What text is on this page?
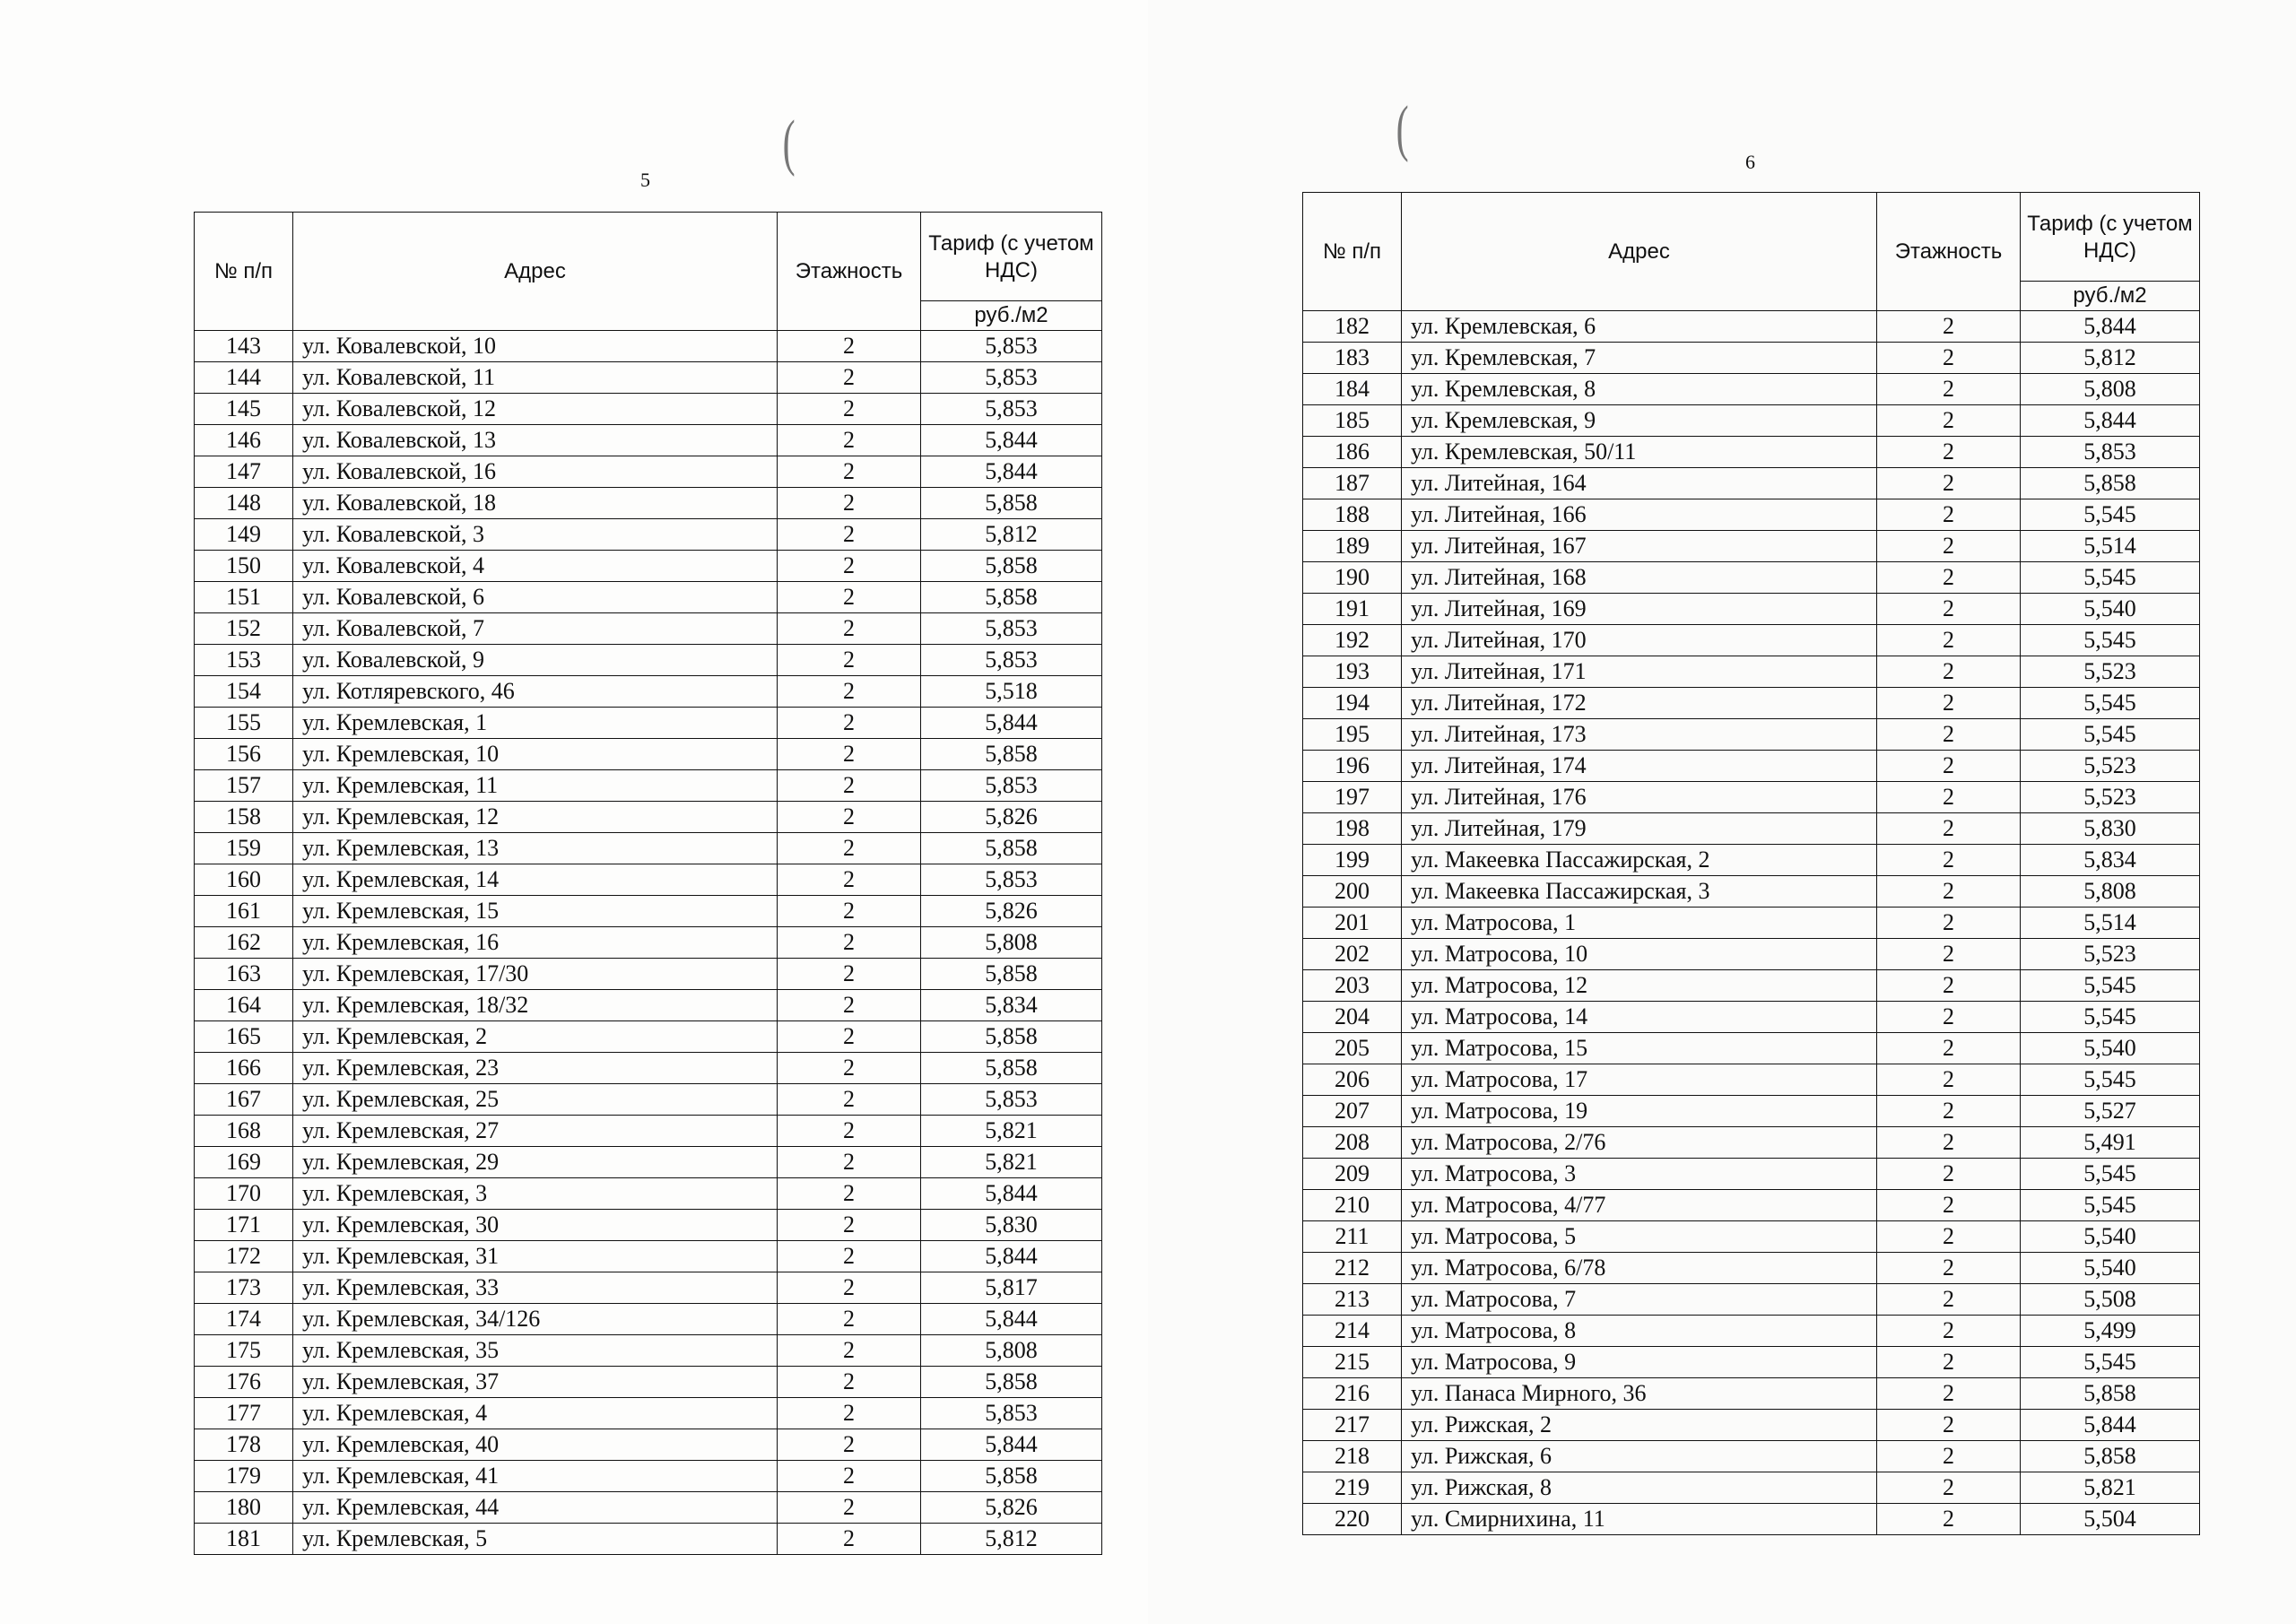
(
5
№ п/п	Адрес	Этажность	Тариф (с учетом НДС)
			руб./м2
143	ул. Ковалевской, 10	2	5,853
144	ул. Ковалевской, 11	2	5,853
145	ул. Ковалевской, 12	2	5,853
146	ул. Ковалевской, 13	2	5,844
147	ул. Ковалевской, 16	2	5,844
148	ул. Ковалевской, 18	2	5,858
149	ул. Ковалевской, 3	2	5,812
150	ул. Ковалевской, 4	2	5,858
151	ул. Ковалевской, 6	2	5,858
152	ул. Ковалевской, 7	2	5,853
153	ул. Ковалевской, 9	2	5,853
154	ул. Котляревского, 46	2	5,518
155	ул. Кремлевская, 1	2	5,844
156	ул. Кремлевская, 10	2	5,858
157	ул. Кремлевская, 11	2	5,853
158	ул. Кремлевская, 12	2	5,826
159	ул. Кремлевская, 13	2	5,858
160	ул. Кремлевская, 14	2	5,853
161	ул. Кремлевская, 15	2	5,826
162	ул. Кремлевская, 16	2	5,808
163	ул. Кремлевская, 17/30	2	5,858
164	ул. Кремлевская, 18/32	2	5,834
165	ул. Кремлевская, 2	2	5,858
166	ул. Кремлевская, 23	2	5,858
167	ул. Кремлевская, 25	2	5,853
168	ул. Кремлевская, 27	2	5,821
169	ул. Кремлевская, 29	2	5,821
170	ул. Кремлевская, 3	2	5,844
171	ул. Кремлевская, 30	2	5,830
172	ул. Кремлевская, 31	2	5,844
173	ул. Кремлевская, 33	2	5,817
174	ул. Кремлевская, 34/126	2	5,844
175	ул. Кремлевская, 35	2	5,808
176	ул. Кремлевская, 37	2	5,858
177	ул. Кремлевская, 4	2	5,853
178	ул. Кремлевская, 40	2	5,844
179	ул. Кремлевская, 41	2	5,858
180	ул. Кремлевская, 44	2	5,826
181	ул. Кремлевская, 5	2	5,812
(	6
№ п/п	Адрес	Этажность	Тариф (с учетом НДС)
			руб./м2
182	ул. Кремлевская, 6	2	5,844
183	ул. Кремлевская, 7	2	5,812
184	ул. Кремлевская, 8	2	5,808
185	ул. Кремлевская, 9	2	5,844
186	ул. Кремлевская, 50/11	2	5,853
187	ул. Литейная, 164	2	5,858
188	ул. Литейная, 166	2	5,545
189	ул. Литейная, 167	2	5,514
190	ул. Литейная, 168	2	5,545
191	ул. Литейная, 169	2	5,540
192	ул. Литейная, 170	2	5,545
193	ул. Литейная, 171	2	5,523
194	ул. Литейная, 172	2	5,545
195	ул. Литейная, 173	2	5,545
196	ул. Литейная, 174	2	5,523
197	ул. Литейная, 176	2	5,523
198	ул. Литейная, 179	2	5,830
199	ул. Макеевка Пассажирская, 2	2	5,834
200	ул. Макеевка Пассажирская, 3	2	5,808
201	ул. Матросова, 1	2	5,514
202	ул. Матросова, 10	2	5,523
203	ул. Матросова, 12	2	5,545
204	ул. Матросова, 14	2	5,545
205	ул. Матросова, 15	2	5,540
206	ул. Матросова, 17	2	5,545
207	ул. Матросова, 19	2	5,527
208	ул. Матросова, 2/76	2	5,491
209	ул. Матросова, 3	2	5,545
210	ул. Матросова, 4/77	2	5,545
211	ул. Матросова, 5	2	5,540
212	ул. Матросова, 6/78	2	5,540
213	ул. Матросова, 7	2	5,508
214	ул. Матросова, 8	2	5,499
215	ул. Матросова, 9	2	5,545
216	ул. Панаса Мирного, 36	2	5,858
217	ул. Рижская, 2	2	5,844
218	ул. Рижская, 6	2	5,858
219	ул. Рижская, 8	2	5,821
220	ул. Смирнихина, 11	2	5,504
